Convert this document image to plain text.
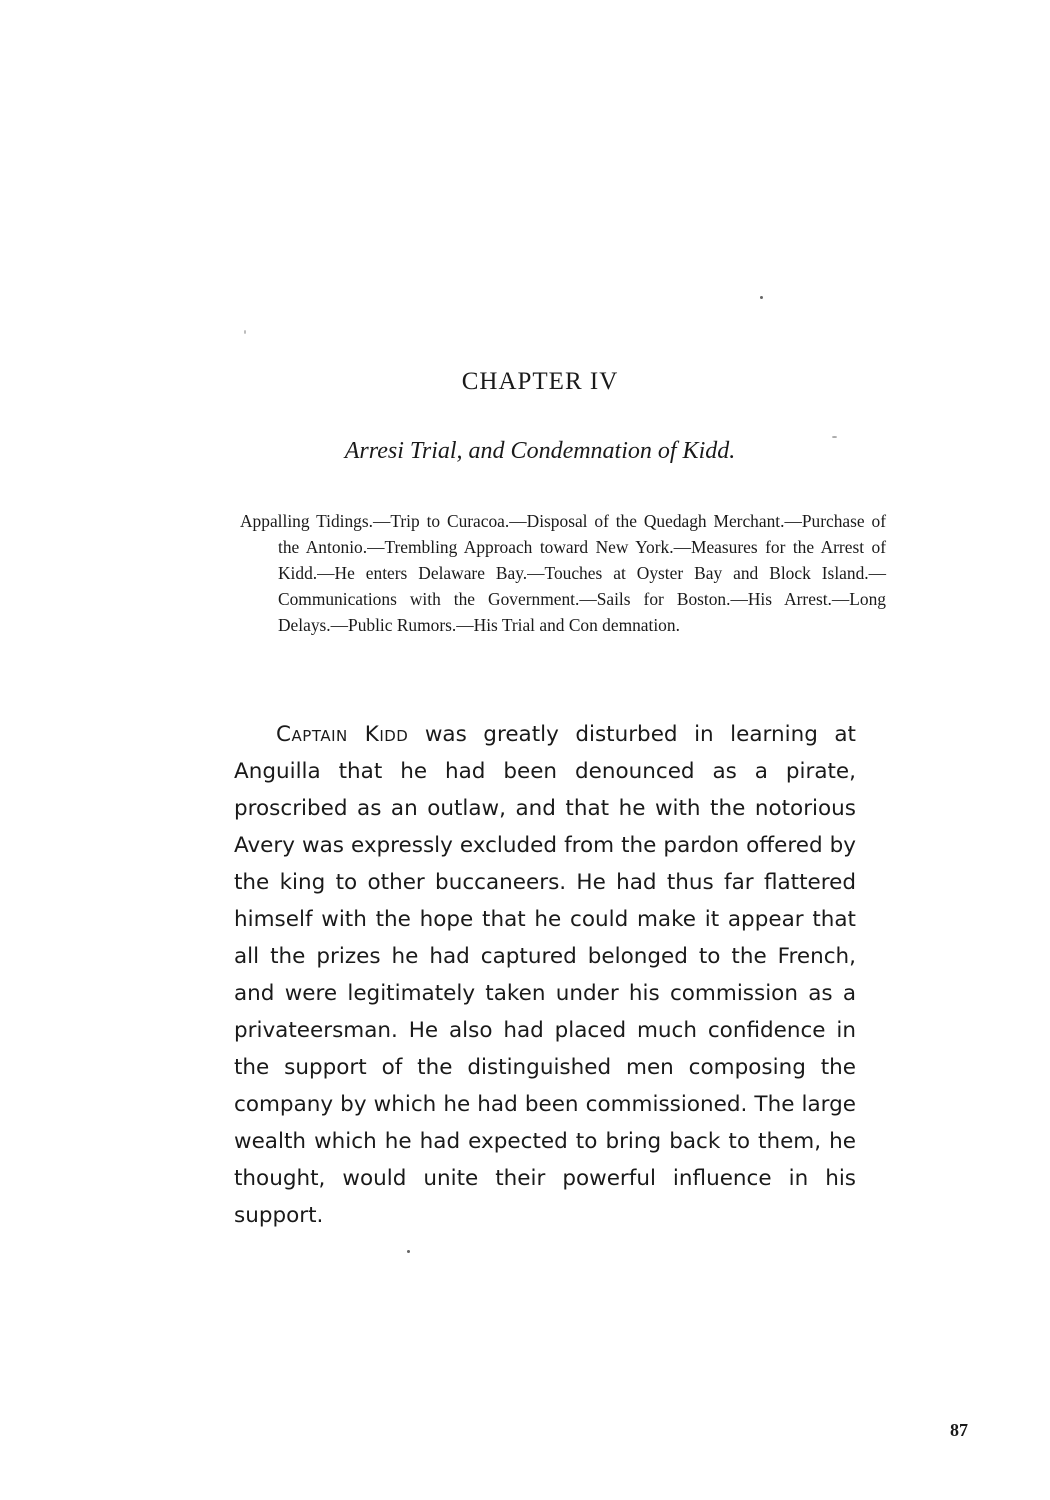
CHAPTER IV
Arresi Trial, and Condemnation of Kidd.
Appalling Tidings.—Trip to Curacoa.—Disposal of the Quedagh Merchant.—Purchase of the Antonio.—Trembling Approach toward New York.—Measures for the Arrest of Kidd.—He enters Delaware Bay.—Touches at Oyster Bay and Block Island.—Communications with the Government.—Sails for Boston.—His Arrest.—Long Delays.—Public Rumors.—His Trial and Con demnation.
Captain Kidd was greatly disturbed in learning at Anguilla that he had been denounced as a pirate, proscribed as an outlaw, and that he with the notorious Avery was expressly excluded from the pardon offered by the king to other buccaneers. He had thus far flattered himself with the hope that he could make it appear that all the prizes he had captured belonged to the French, and were legitimately taken under his commission as a privateersman. He also had placed much confidence in the support of the distinguished men composing the company by which he had been commissioned. The large wealth which he had expected to bring back to them, he thought, would unite their powerful influence in his support.
87
